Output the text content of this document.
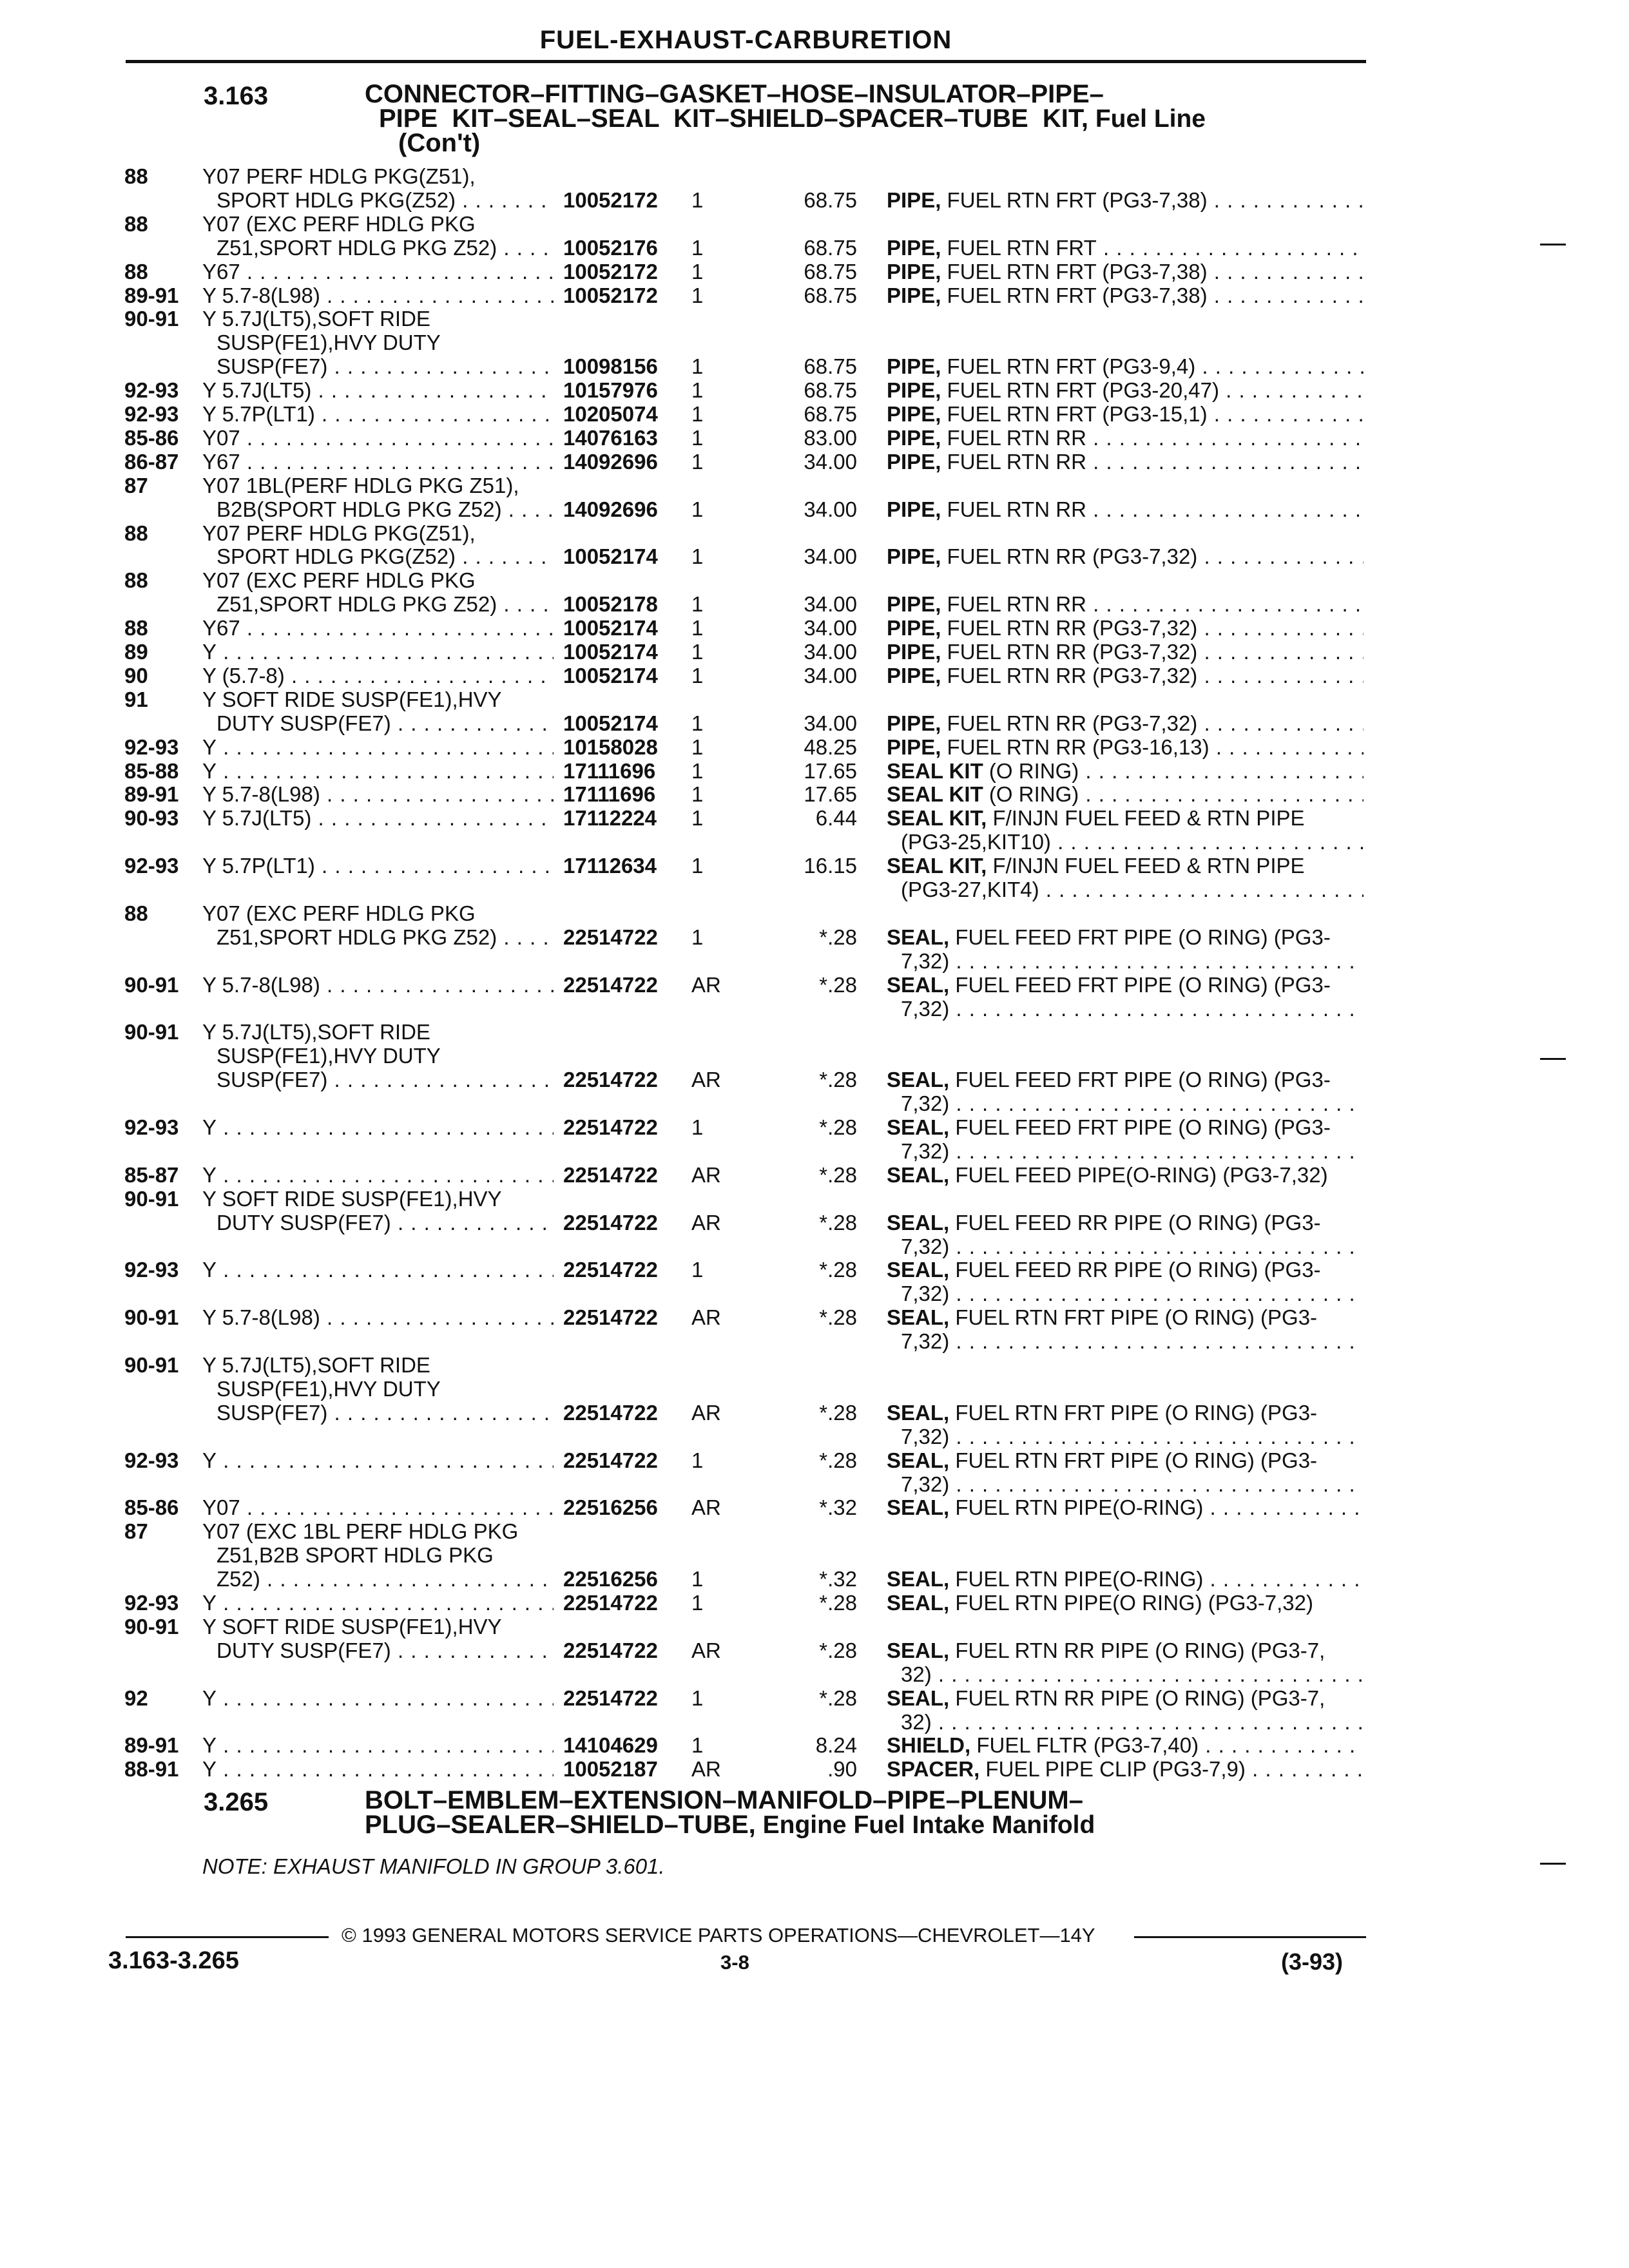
FUEL-EXHAUST-CARBURETION
3.163	CONNECTOR–FITTING–GASKET–HOSE–INSULATOR–PIPE–
PIPE  KIT–SEAL–SEAL  KIT–SHIELD–SPACER–TUBE  KIT, Fuel Line
(Con't)
88	Y07 PERF HDLG PKG(Z51),
SPORT HDLG PKG(Z52) . . .	10052172 1	68.75 PIPE, FUEL RTN FRT (PG3-7,38) . . .
88	Y07 (EXC PERF HDLG PKG
Z51,SPORT HDLG PKG Z52) . . .	10052176 1	68.75 PIPE, FUEL RTN FRT . . .
88	Y67 . . .	10052172 1	68.75 PIPE, FUEL RTN FRT (PG3-7,38) . . .
89-91 Y 5.7-8(L98) . . .	10052172 1	68.75 PIPE, FUEL RTN FRT (PG3-7,38) . . .
90-91 Y 5.7J(LT5),SOFT RIDE
SUSP(FE1),HVY DUTY
SUSP(FE7) . . .	10098156 1	68.75 PIPE, FUEL RTN FRT (PG3-9,4) . . .
92-93 Y 5.7J(LT5) . . .	10157976 1	68.75 PIPE, FUEL RTN FRT (PG3-20,47) . . .
92-93 Y 5.7P(LT1) . . .	10205074 1	68.75 PIPE, FUEL RTN FRT (PG3-15,1) . . .
85-86 Y07 . . .	14076163 1	83.00 PIPE, FUEL RTN RR . . .
86-87 Y67 . . .	14092696 1	34.00 PIPE, FUEL RTN RR . . .
87	Y07 1BL(PERF HDLG PKG Z51),
B2B(SPORT HDLG PKG Z52) . . .	14092696 1	34.00 PIPE, FUEL RTN RR . . .
88	Y07 PERF HDLG PKG(Z51),
SPORT HDLG PKG(Z52) . . .	10052174 1	34.00 PIPE, FUEL RTN RR (PG3-7,32) . . .
88	Y07 (EXC PERF HDLG PKG
Z51,SPORT HDLG PKG Z52) . . .	10052178 1	34.00 PIPE, FUEL RTN RR . . .
88	Y67 . . .	10052174 1	34.00 PIPE, FUEL RTN RR (PG3-7,32) . . .
89	Y . . .	10052174 1	34.00 PIPE, FUEL RTN RR (PG3-7,32) . . .
90	Y (5.7-8) . . .	10052174 1	34.00 PIPE, FUEL RTN RR (PG3-7,32) . . .
91	Y SOFT RIDE SUSP(FE1),HVY
DUTY SUSP(FE7) . . .	10052174 1	34.00 PIPE, FUEL RTN RR (PG3-7,32) . . .
92-93 Y . . .	10158028 1	48.25 PIPE, FUEL RTN RR (PG3-16,13) . . .
85-88 Y . . .	17111696 1	17.65 SEAL KIT (O RING) . . .
89-91 Y 5.7-8(L98) . . .	17111696 1	17.65 SEAL KIT (O RING) . . .
90-93 Y 5.7J(LT5) . . .	17112224 1	6.44 SEAL KIT, F/INJN FUEL FEED & RTN PIPE
(PG3-25,KIT10) . . .
92-93 Y 5.7P(LT1) . . .	17112634 1	16.15 SEAL KIT, F/INJN FUEL FEED & RTN PIPE
(PG3-27,KIT4) . . .
88	Y07 (EXC PERF HDLG PKG
Z51,SPORT HDLG PKG Z52) . . .	22514722 1	*.28 SEAL, FUEL FEED FRT PIPE (O RING) (PG3-
7,32) . . .
90-91 Y 5.7-8(L98) . . .	22514722 AR	*.28 SEAL, FUEL FEED FRT PIPE (O RING) (PG3-
7,32) . . .
90-91 Y 5.7J(LT5),SOFT RIDE
SUSP(FE1),HVY DUTY
SUSP(FE7) . . .	22514722 AR	*.28 SEAL, FUEL FEED FRT PIPE (O RING) (PG3-
7,32) . . .
92-93 Y . . .	22514722 1	*.28 SEAL, FUEL FEED FRT PIPE (O RING) (PG3-
7,32) . . .
85-87 Y . . .	22514722 AR	*.28 SEAL, FUEL FEED PIPE(O-RING) (PG3-7,32)
90-91 Y SOFT RIDE SUSP(FE1),HVY
DUTY SUSP(FE7) . . .	22514722 AR	*.28 SEAL, FUEL FEED RR PIPE (O RING) (PG3-
7,32) . . .
92-93 Y . . .	22514722 1	*.28 SEAL, FUEL FEED RR PIPE (O RING) (PG3-
7,32) . . .
90-91 Y 5.7-8(L98) . . .	22514722 AR	*.28 SEAL, FUEL RTN FRT PIPE (O RING) (PG3-
7,32) . . .
90-91 Y 5.7J(LT5),SOFT RIDE
SUSP(FE1),HVY DUTY
SUSP(FE7) . . .	22514722 AR	*.28 SEAL, FUEL RTN FRT PIPE (O RING) (PG3-
7,32) . . .
92-93 Y . . .	22514722 1	*.28 SEAL, FUEL RTN FRT PIPE (O RING) (PG3-
7,32) . . .
85-86 Y07 . . .	22516256 AR	*.32 SEAL, FUEL RTN PIPE(O-RING) . . .
87	Y07 (EXC 1BL PERF HDLG PKG
Z51,B2B SPORT HDLG PKG
Z52) . . .	22516256 1	*.32 SEAL, FUEL RTN PIPE(O-RING) . . .
92-93 Y . . .	22514722 1	*.28 SEAL, FUEL RTN PIPE(O RING) (PG3-7,32)
90-91 Y SOFT RIDE SUSP(FE1),HVY
DUTY SUSP(FE7) . . .	22514722 AR	*.28 SEAL, FUEL RTN RR PIPE (O RING) (PG3-7,
32) . . .
92	Y . . .	22514722 1	*.28 SEAL, FUEL RTN RR PIPE (O RING) (PG3-7,
32) . . .
89-91 Y . . .	14104629 1	8.24 SHIELD, FUEL FLTR (PG3-7,40) . . .
88-91 Y . . .	10052187 AR	.90 SPACER, FUEL PIPE CLIP (PG3-7,9) . . .
3.265	BOLT–EMBLEM–EXTENSION–MANIFOLD–PIPE–PLENUM–
PLUG–SEALER–SHIELD–TUBE, Engine Fuel Intake Manifold
NOTE: EXHAUST MANIFOLD IN GROUP 3.601.
© 1993 GENERAL MOTORS SERVICE PARTS OPERATIONS—CHEVROLET—14Y
3.163-3.265	3-8	(3-93)
